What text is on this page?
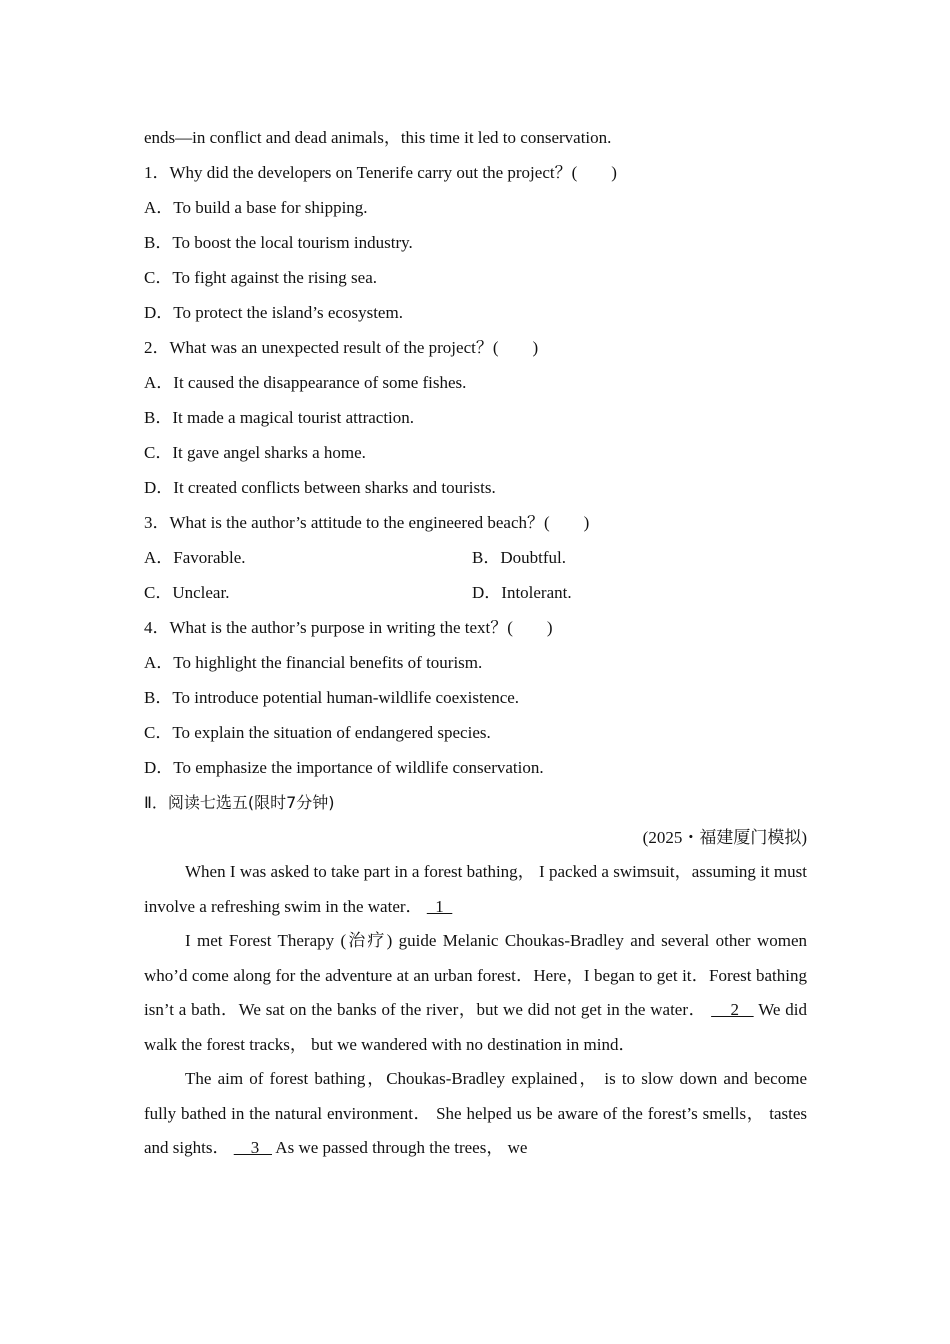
ends—in conflict and dead animals，this time it led to conservation.
1．Why did the developers on Tenerife carry out the project？(　　)
A．To build a base for shipping.
B．To boost the local tourism industry.
C．To fight against the rising sea.
D．To protect the island’s ecosystem.
2．What was an unexpected result of the project？(　　)
A．It caused the disappearance of some fishes.
B．It made a magical tourist attraction.
C．It gave angel sharks a home.
D．It created conflicts between sharks and tourists.
3．What is the author’s attitude to the engineered beach？(　　)
A．Favorable.	B．Doubtful.
C．Unclear.	D．Intolerant.
4．What is the author’s purpose in writing the text？(　　)
A．To highlight the financial benefits of tourism.
B．To introduce potential human-wildlife coexistence.
C．To explain the situation of endangered species.
D．To emphasize the importance of wildlife conservation.
Ⅱ．阅读七选五(限时7分钟)
(2025・福建厦门模拟)
When I was asked to take part in a forest bathing， I packed a swimsuit，assuming it must involve a refreshing swim in the water．   1
I met Forest Therapy (治疗) guide Melanic Choukas-Bradley and several other women who’d come along for the adventure at an urban forest．Here，I began to get it．Forest bathing isn’t a bath．We sat on the banks of the river，but we did not get in the water．     2    We did walk the forest tracks， but we wandered with no destination in mind．
The aim of forest bathing，Choukas-Bradley explained， is to slow down and become fully bathed in the natural environment． She helped us be aware of the forest’s smells， tastes and sights．     3    As we passed through the trees， we
